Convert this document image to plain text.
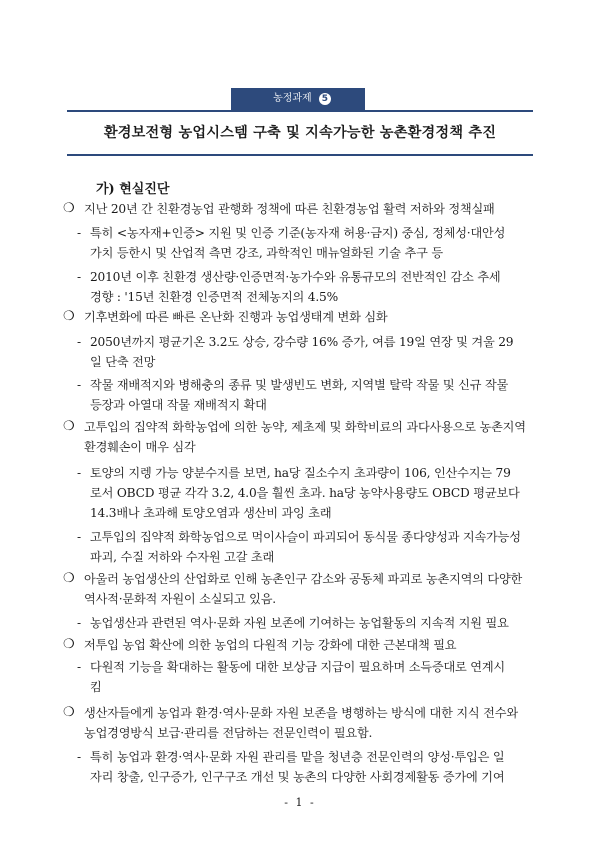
농정과제 5
환경보전형 농업시스템 구축 및 지속가능한 농촌환경정책 추진
가) 현실진단
❍ 지난 20년 간 친환경농업 관행화 정책에 따른 친환경농업 활력 저하와 정책실패
- 특히 <농자재+인증> 지원 및 인증 기준(농자재 허용·금지) 중심, 정체성·대안성
가치 등한시 및 산업적 측면 강조, 과학적인 매뉴얼화된 기술 추구 등
- 2010년 이후 친환경 생산량·인증면적·농가수와 유통규모의 전반적인 감소 추세
경향 : '15년 친환경 인증면적 전체농지의 4.5%
❍ 기후변화에 따른 빠른 온난화 진행과 농업생태계 변화 심화
- 2050년까지 평균기온 3.2도 상승, 강수량 16% 증가, 여름 19일 연장 및 겨울 29
일 단축 전망
- 작물 재배적지와 병해충의 종류 및 발생빈도 변화, 지역별 탈락 작물 및 신규 작물
등장과 아열대 작물 재배적지 확대
❍ 고투입의 집약적 화학농업에 의한 농약, 제초제 및 화학비료의 과다사용으로 농촌지역
환경훼손이 매우 심각
- 토양의 지렝 가능 양분수지를 보면, ha당 질소수지 초과량이 106, 인산수지는 79
로서 OBCD 평균 각각 3.2, 4.0을 훨씬 초과. ha당 농약사용량도 OBCD 평균보다
14.3배나 초과해 토양오염과 생산비 과잉 초래
- 고투입의 집약적 화학농업으로 먹이사슬이 파괴되어 동식물 종다양성과 지속가능성
파괴, 수질 저하와 수자원 고갈 초래
❍ 아울러 농업생산의 산업화로 인해 농촌인구 감소와 공동체 파괴로 농촌지역의 다양한
역사적·문화적 자원이 소실되고 있음.
- 농업생산과 관련된 역사·문화 자원 보존에 기여하는 농업활동의 지속적 지원 필요
❍ 저투입 농업 확산에 의한 농업의 다원적 기능 강화에 대한 근본대책 필요
- 다원적 기능을 확대하는 활동에 대한 보상금 지급이 필요하며 소득증대로 연계시
킴
❍ 생산자들에게 농업과 환경·역사·문화 자원 보존을 병행하는 방식에 대한 지식 전수와
농업경영방식 보급·관리를 전담하는 전문인력이 필요함.
- 특히 농업과 환경·역사·문화 자원 관리를 맡을 청년층 전문인력의 양성·투입은 일
자리 창출, 인구증가, 인구구조 개선 및 농촌의 다양한 사회경제활동 증가에 기여
- 1 -
